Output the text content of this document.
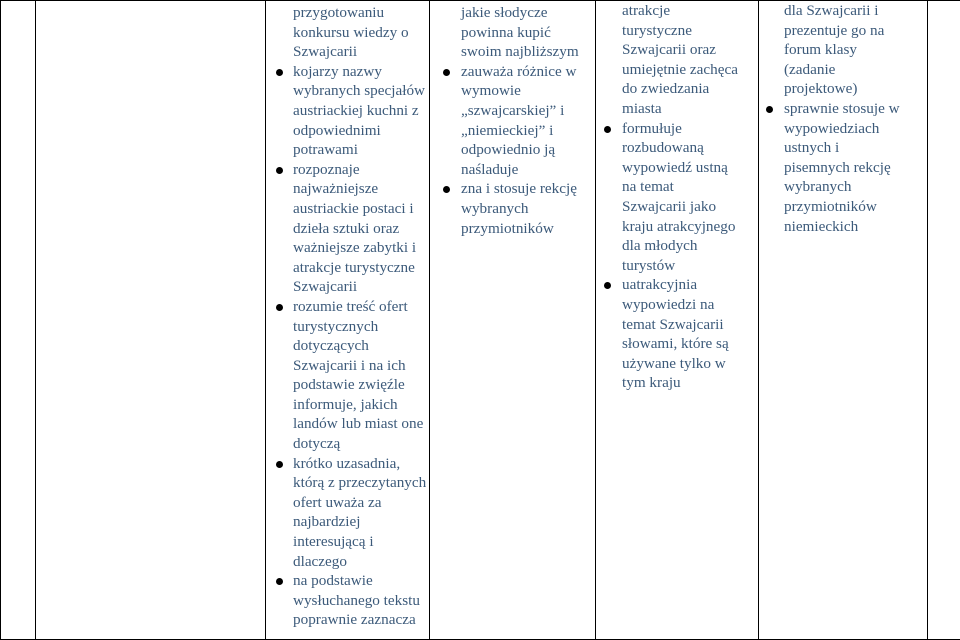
przygotowaniu
konkursu wiedzy o
Szwajcarii
kojarzy nazwy
wybranych specjałów
austriackiej kuchni z
odpowiednimi
potrawami
rozpoznaje
najważniejsze
austriackie postaci i
dzieła sztuki oraz
ważniejsze zabytki i
atrakcje turystyczne
Szwajcarii
rozumie treść ofert
turystycznych
dotyczących
Szwajcarii i na ich
podstawie zwięźle
informuje, jakich
landów lub miast one
dotyczą
krótko uzasadnia,
którą z przeczytanych
ofert uważa za
najbardziej
interesującą i
dlaczego
na podstawie
wysłuchanego tekstu
poprawnie zaznacza

jakie słodycze
powinna kupić
swoim najbliższym
zauważa różnice w
wymowie
„szwajcarskiej” i
„niemieckiej” i
odpowiednio ją
naśladuje
zna i stosuje rekcję
wybranych
przymiotników

atrakcje
turystyczne
Szwajcarii oraz
umiejętnie zachęca
do zwiedzania
miasta
formułuje
rozbudowaną
wypowiedź ustną
na temat
Szwajcarii jako
kraju atrakcyjnego
dla młodych
turystów
uatrakcyjnia
wypowiedzi na
temat Szwajcarii
słowami, które są
używane tylko w
tym kraju

dla Szwajcarii i
prezentuje go na
forum klasy
(zadanie
projektowe)
sprawnie stosuje w
wypowiedziach
ustnych i
pisemnych rekcję
wybranych
przymiotników
niemieckich
